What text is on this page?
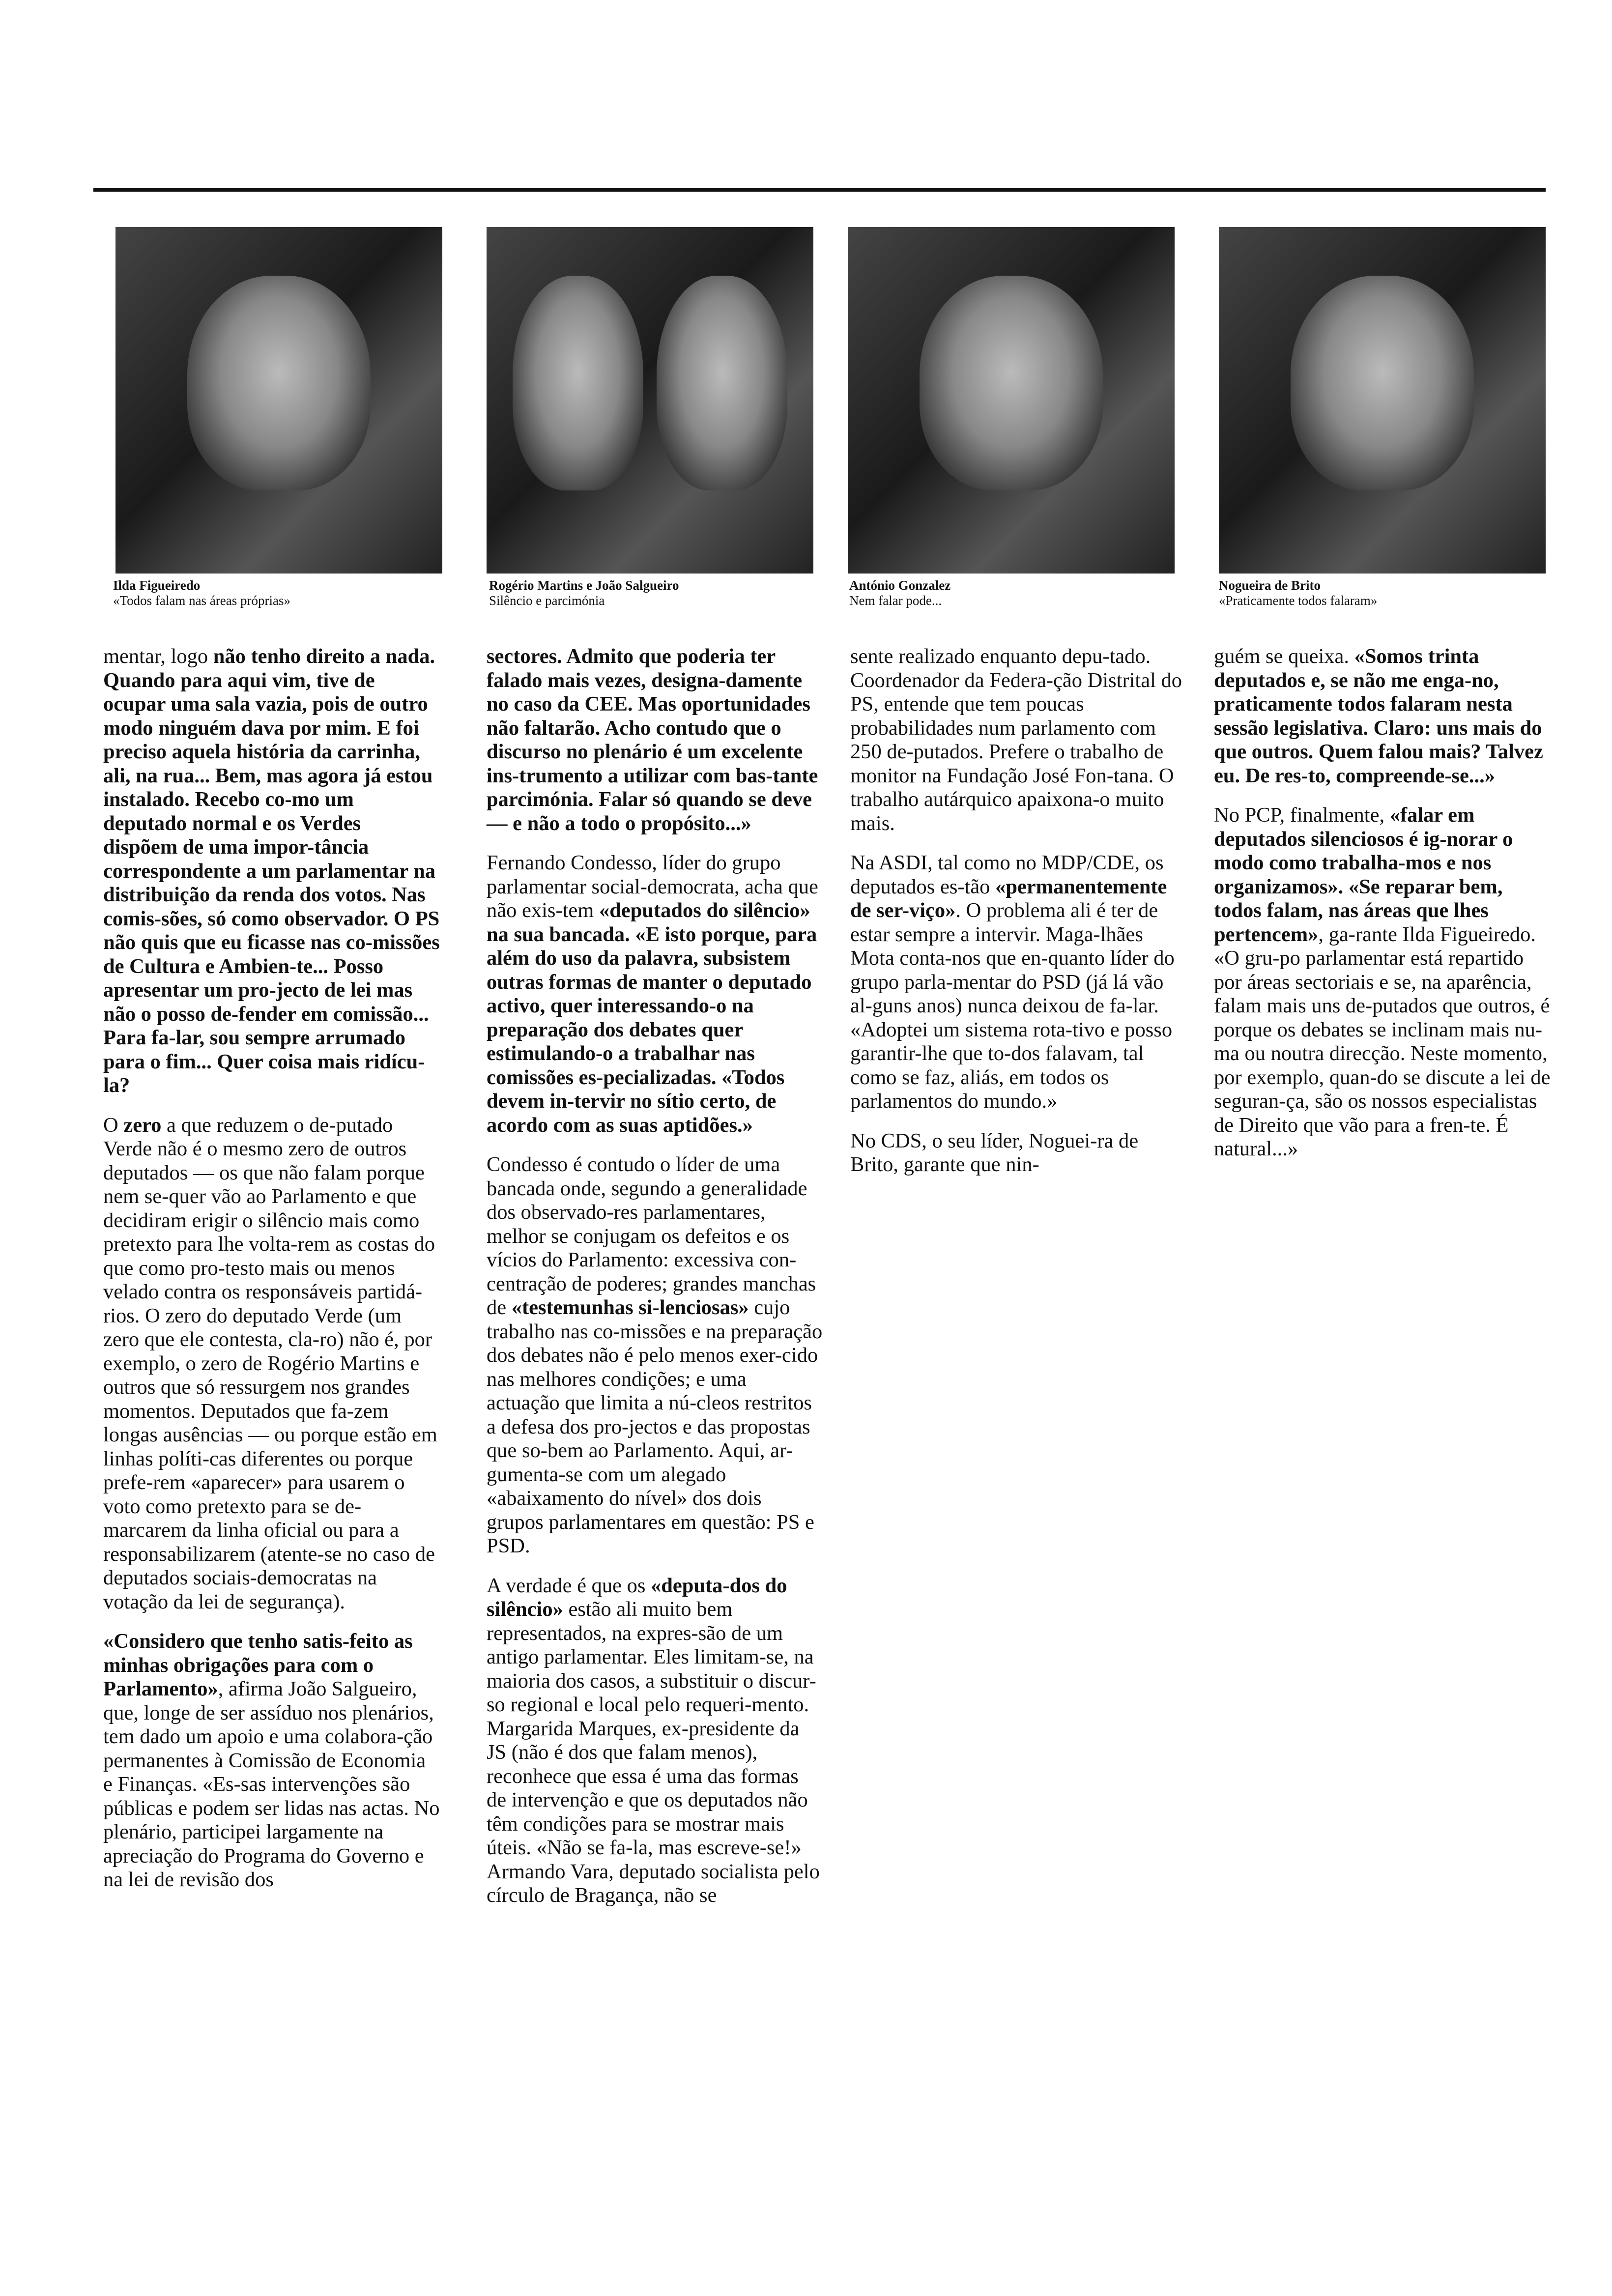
Ilda Figueiredo
«Todos falam nas áreas próprias»
Rogério Martins e João Salgueiro
Silêncio e parcimónia
António Gonzalez
Nem falar pode...
Nogueira de Brito
«Praticamente todos falaram»

mentar, logo não tenho direito a nada. Quando para aqui vim, tive de ocupar uma sala vazia, pois de outro modo ninguém dava por mim. E foi preciso aquela história da carrinha, ali, na rua... Bem, mas agora já estou instalado. Recebo co-mo um deputado normal e os Verdes dispõem de uma impor-tância correspondente a um parlamentar na distribuição da renda dos votos. Nas comis-sões, só como observador. O PS não quis que eu ficasse nas co-missões de Cultura e Ambien-te... Posso apresentar um pro-jecto de lei mas não o posso de-fender em comissão... Para fa-lar, sou sempre arrumado para o fim... Quer coisa mais ridícu-la?

O zero a que reduzem o de-putado Verde não é o mesmo zero de outros deputados — os que não falam porque nem se-quer vão ao Parlamento e que decidiram erigir o silêncio mais como pretexto para lhe volta-rem as costas do que como pro-testo mais ou menos velado contra os responsáveis partidá-rios. O zero do deputado Verde (um zero que ele contesta, cla-ro) não é, por exemplo, o zero de Rogério Martins e outros que só ressurgem nos grandes momentos. Deputados que fa-zem longas ausências — ou porque estão em linhas políti-cas diferentes ou porque prefe-rem «aparecer» para usarem o voto como pretexto para se de-marcarem da linha oficial ou para a responsabilizarem (atente-se no caso de deputados sociais-democratas na votação da lei de segurança).

«Considero que tenho satis-feito as minhas obrigações para com o Parlamento», afirma João Salgueiro, que, longe de ser assíduo nos plenários, tem dado um apoio e uma colabora-ção permanentes à Comissão de Economia e Finanças. «Es-sas intervenções são públicas e podem ser lidas nas actas. No plenário, participei largamente na apreciação do Programa do Governo e na lei de revisão dos

sectores. Admito que poderia ter falado mais vezes, designa-damente no caso da CEE. Mas oportunidades não faltarão. Acho contudo que o discurso no plenário é um excelente ins-trumento a utilizar com bas-tante parcimónia. Falar só quando se deve — e não a todo o propósito...»

Fernando Condesso, líder do grupo parlamentar social-democrata, acha que não exis-tem «deputados do silêncio» na sua bancada. «E isto porque, para além do uso da palavra, subsistem outras formas de manter o deputado activo, quer interessando-o na preparação dos debates quer estimulando-o a trabalhar nas comissões es-pecializadas. «Todos devem in-tervir no sítio certo, de acordo com as suas aptidões.»

Condesso é contudo o líder de uma bancada onde, segundo a generalidade dos observado-res parlamentares, melhor se conjugam os defeitos e os vícios do Parlamento: excessiva con-centração de poderes; grandes manchas de «testemunhas si-lenciosas» cujo trabalho nas co-missões e na preparação dos debates não é pelo menos exer-cido nas melhores condições; e uma actuação que limita a nú-cleos restritos a defesa dos pro-jectos e das propostas que so-bem ao Parlamento. Aqui, ar-gumenta-se com um alegado «abaixamento do nível» dos dois grupos parlamentares em questão: PS e PSD.

A verdade é que os «deputa-dos do silêncio» estão ali muito bem representados, na expres-são de um antigo parlamentar. Eles limitam-se, na maioria dos casos, a substituir o discur-so regional e local pelo requeri-mento. Margarida Marques, ex-presidente da JS (não é dos que falam menos), reconhece que essa é uma das formas de intervenção e que os deputados não têm condições para se mostrar mais úteis. «Não se fa-la, mas escreve-se!» Armando Vara, deputado socialista pelo círculo de Bragança, não se

sente realizado enquanto depu-tado. Coordenador da Federa-ção Distrital do PS, entende que tem poucas probabilidades num parlamento com 250 de-putados. Prefere o trabalho de monitor na Fundação José Fon-tana. O trabalho autárquico apaixona-o muito mais.

Na ASDI, tal como no MDP/CDE, os deputados es-tão «permanentemente de ser-viço». O problema ali é ter de estar sempre a intervir. Maga-lhães Mota conta-nos que en-quanto líder do grupo parla-mentar do PSD (já lá vão al-guns anos) nunca deixou de fa-lar. «Adoptei um sistema rota-tivo e posso garantir-lhe que to-dos falavam, tal como se faz, aliás, em todos os parlamentos do mundo.»

No CDS, o seu líder, Noguei-ra de Brito, garante que nin-

guém se queixa. «Somos trinta deputados e, se não me enga-no, praticamente todos falaram nesta sessão legislativa. Claro: uns mais do que outros. Quem falou mais? Talvez eu. De res-to, compreende-se...»

No PCP, finalmente, «falar em deputados silenciosos é ig-norar o modo como trabalha-mos e nos organizamos». «Se reparar bem, todos falam, nas áreas que lhes pertencem», ga-rante Ilda Figueiredo. «O gru-po parlamentar está repartido por áreas sectoriais e se, na aparência, falam mais uns de-putados que outros, é porque os debates se inclinam mais nu-ma ou noutra direcção. Neste momento, por exemplo, quan-do se discute a lei de seguran-ça, são os nossos especialistas de Direito que vão para a fren-te. É natural...»
